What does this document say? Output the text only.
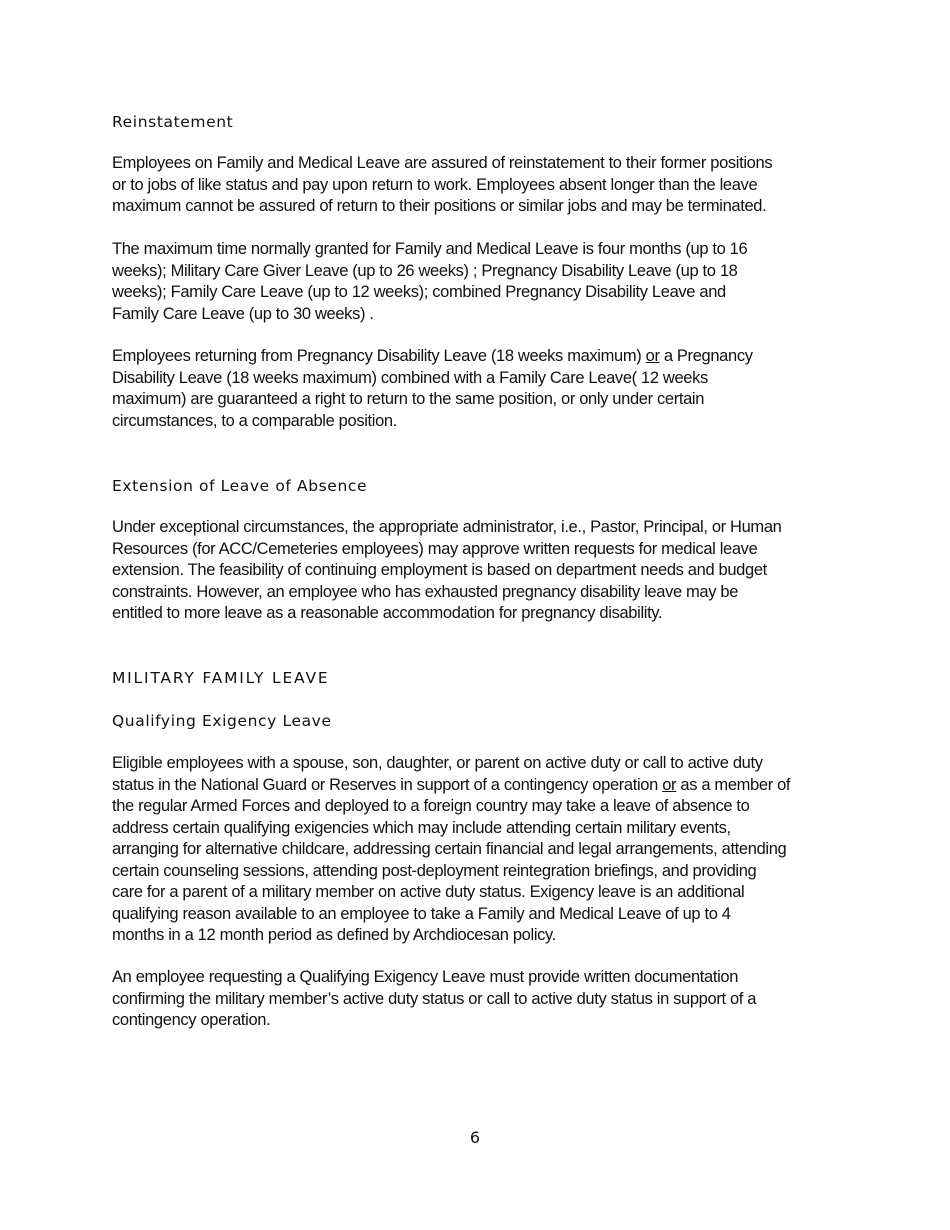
Reinstatement

Employees on Family and Medical Leave are assured of reinstatement to their former positions
or to jobs of like status and pay upon return to work. Employees absent longer than the leave
maximum cannot be assured of return to their positions or similar jobs and may be terminated.

The maximum time normally granted for Family and Medical Leave is four months (up to 16
weeks); Military Care Giver Leave (up to 26 weeks) ; Pregnancy Disability Leave (up to 18
weeks); Family Care Leave (up to 12 weeks); combined Pregnancy Disability Leave and
Family Care Leave (up to 30 weeks) .

Employees returning from Pregnancy Disability Leave (18 weeks maximum) or a Pregnancy
Disability Leave (18 weeks maximum) combined with a Family Care Leave( 12 weeks
maximum) are guaranteed a right to return to the same position, or only under certain
circumstances, to a comparable position.

Extension of Leave of Absence

Under exceptional circumstances, the appropriate administrator, i.e., Pastor, Principal, or Human
Resources (for ACC/Cemeteries employees) may approve written requests for medical leave
extension. The feasibility of continuing employment is based on department needs and budget
constraints. However, an employee who has exhausted pregnancy disability leave may be
entitled to more leave as a reasonable accommodation for pregnancy disability.

MILITARY FAMILY LEAVE
Qualifying Exigency Leave

Eligible employees with a spouse, son, daughter, or parent on active duty or call to active duty
status in the National Guard or Reserves in support of a contingency operation or as a member of
the regular Armed Forces and deployed to a foreign country may take a leave of absence to
address certain qualifying exigencies which may include attending certain military events,
arranging for alternative childcare, addressing certain financial and legal arrangements, attending
certain counseling sessions, attending post-deployment reintegration briefings, and providing
care for a parent of a military member on active duty status. Exigency leave is an additional
qualifying reason available to an employee to take a Family and Medical Leave of up to 4
months in a 12 month period as defined by Archdiocesan policy.

An employee requesting a Qualifying Exigency Leave must provide written documentation
confirming the military member’s active duty status or call to active duty status in support of a
contingency operation.

6
